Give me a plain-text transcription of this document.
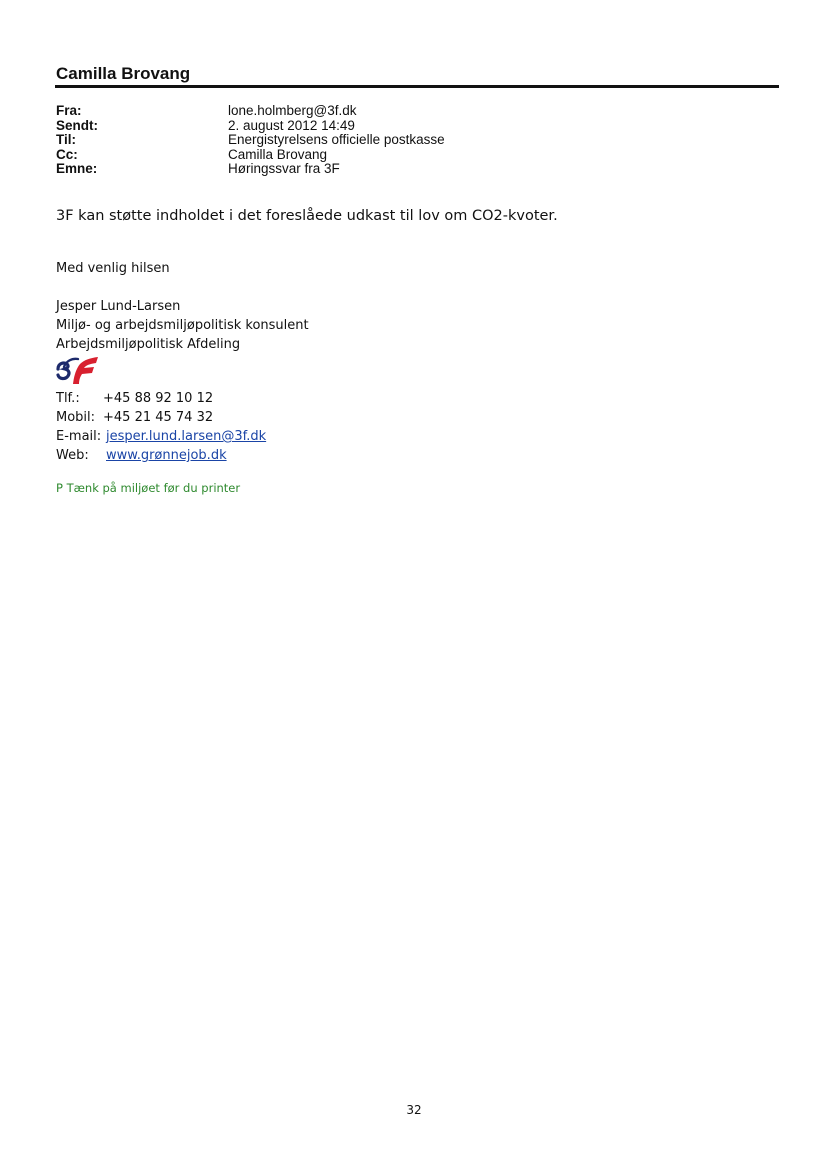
Camilla Brovang
Fra:	lone.holmberg@3f.dk
Sendt:	2. august 2012 14:49
Til:	Energistyrelsens officielle postkasse
Cc:	Camilla Brovang
Emne:	Høringssvar fra 3F
3F kan støtte indholdet i det foreslåede udkast til lov om CO2-kvoter.
Med venlig hilsen
Jesper Lund-Larsen
Miljø- og arbejdsmiljøpolitisk konsulent
Arbejdsmiljøpolitisk Afdeling
Tlf.:	+45 88 92 10 12
Mobil: +45 21 45 74 32
E-mail: jesper.lund.larsen@3f.dk
Web:	www.grønnejob.dk
P Tænk på miljøet før du printer
32
